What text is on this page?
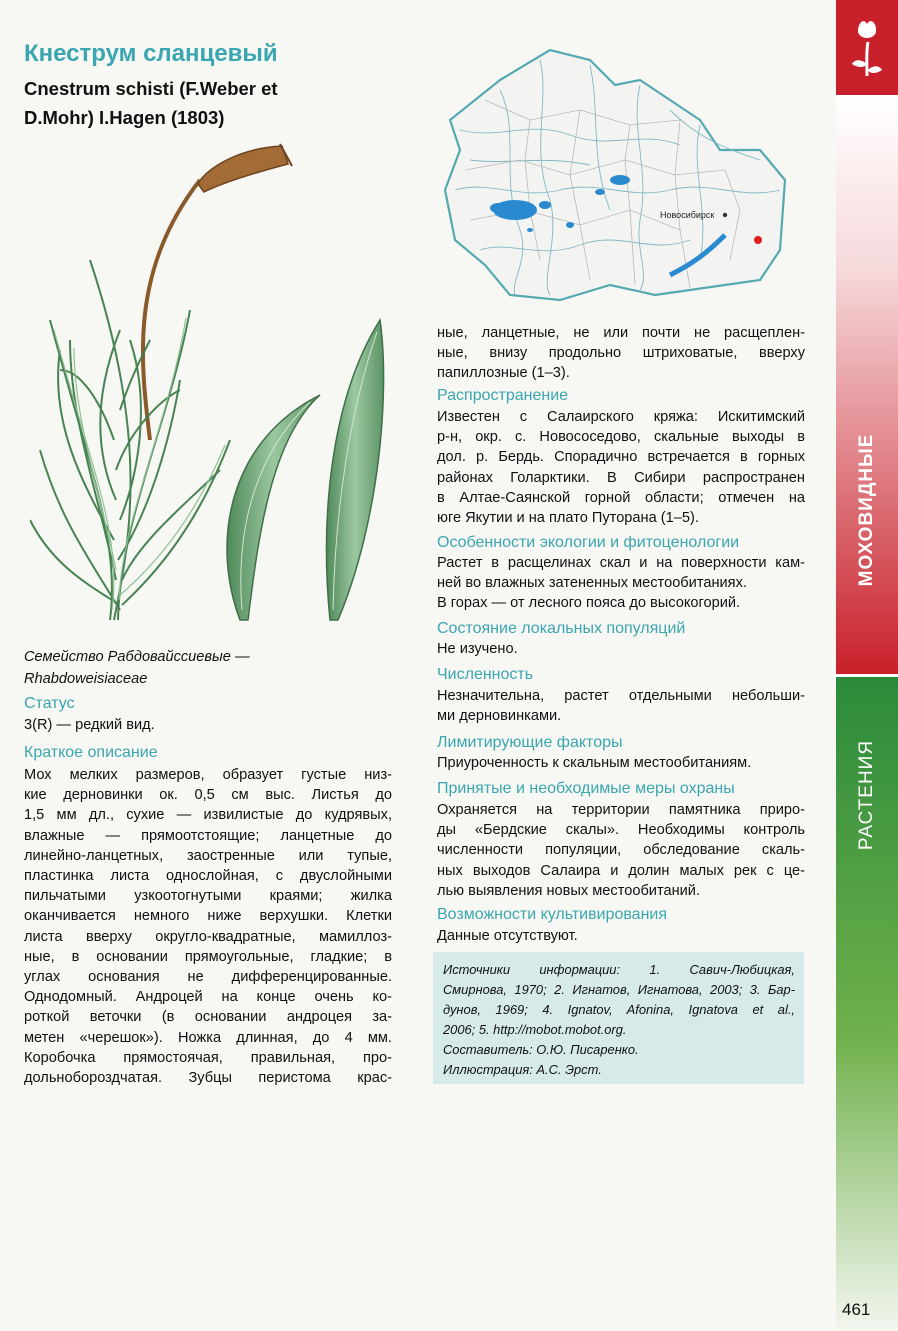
МОХОВИДНЫЕ
РАСТЕНИЯ
461
Кнеструм сланцевый
Cnestrum schisti (F.Weber et
D.Mohr) I.Hagen (1803)
Новосибирск
Семейство Рабдовайссиевые —
Rhabdoweisiaceae
Статус
3(R) — редкий вид.
Краткое описание
Мох мелких размеров, образует густые низ-
кие дерновинки ок. 0,5 см выс. Листья до
1,5 мм дл., сухие — извилистые до кудрявых,
влажные — прямоотстоящие; ланцетные до
линейно-ланцетных, заостренные или тупые,
пластинка листа однослойная, с двуслойными
пильчатыми узкоотогнутыми краями; жилка
оканчивается немного ниже верхушки. Клетки
листа вверху округло-квадратные, мамиллоз-
ные, в основании прямоугольные, гладкие; в
углах основания не дифференцированные.
Однодомный. Андроцей на конце очень ко-
роткой веточки (в основании андроцея за-
метен «черешок»). Ножка длинная, до 4 мм.
Коробочка прямостоячая, правильная, про-
дольнобороздчатая. Зубцы перистома крас-
ные, ланцетные, не или почти не расщеплен-
ные, внизу продольно штриховатые, вверху
папиллозные (1–3).
Распространение
Известен с Салаирского кряжа: Искитимский
р-н, окр. с. Новососедово, скальные выходы в
дол. р. Бердь. Спорадично встречается в горных
районах Голарктики. В Сибири распространен
в Алтае-Саянской горной области; отмечен на
юге Якутии и на плато Путорана (1–5).
Особенности экологии и фитоценологии
Растет в расщелинах скал и на поверхности кам-
ней во влажных затененных местообитаниях.
В горах — от лесного пояса до высокогорий.
Состояние локальных популяций
Не изучено.
Численность
Незначительна, растет отдельными небольши-
ми дерновинками.
Лимитирующие факторы
Приуроченность к скальным местообитаниям.
Принятые и необходимые меры охраны
Охраняется на территории памятника приро-
ды «Бердские скалы». Необходимы контроль
численности популяции, обследование скаль-
ных выходов Салаира и долин малых рек с це-
лью выявления новых местообитаний.
Возможности культивирования
Данные отсутствуют.
Источники информации: 1. Савич-Любицкая,
Смирнова, 1970; 2. Игнатов, Игнатова, 2003; 3. Бар-
дунов, 1969; 4. Ignatov, Afonina, Ignatova et al.,
2006; 5. http://mobot.mobot.org.
Составитель: О.Ю. Писаренко.
Иллюстрация: А.С. Эрст.
